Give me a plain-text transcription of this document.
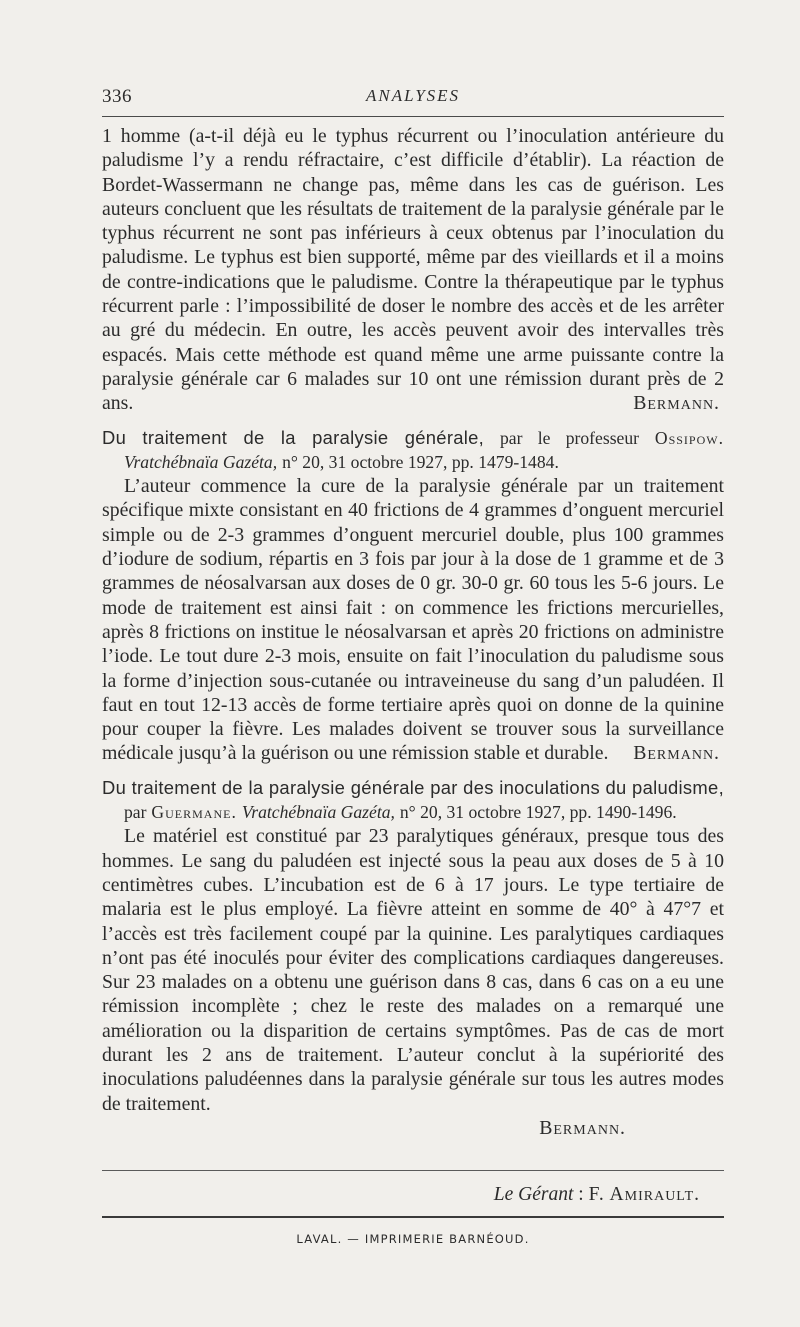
336	ANALYSES

1 homme (a-t-il déjà eu le typhus récurrent ou l’inoculation antérieure du paludisme l’y a rendu réfractaire, c’est difficile d’établir). La réaction de Bordet-Wassermann ne change pas, même dans les cas de guérison. Les auteurs concluent que les résultats de traitement de la paralysie générale par le typhus récurrent ne sont pas inférieurs à ceux obtenus par l’inoculation du paludisme. Le typhus est bien supporté, même par des vieillards et il a moins de contre-indications que le paludisme. Contre la thérapeutique par le typhus récurrent parle : l’impossibilité de doser le nombre des accès et de les arrêter au gré du médecin. En outre, les accès peuvent avoir des intervalles très espacés. Mais cette méthode est quand même une arme puissante contre la paralysie générale car 6 malades sur 10 ont une rémission durant près de 2 ans.	Bermann.

Du traitement de la paralysie générale, par le professeur Ossipow. Vratchébnaïa Gazéta, n° 20, 31 octobre 1927, pp. 1479-1484.

L’auteur commence la cure de la paralysie générale par un traitement spécifique mixte consistant en 40 frictions de 4 grammes d’onguent mercuriel simple ou de 2-3 grammes d’onguent mercuriel double, plus 100 grammes d’iodure de sodium, répartis en 3 fois par jour à la dose de 1 gramme et de 3 grammes de néosalvarsan aux doses de 0 gr. 30-0 gr. 60 tous les 5-6 jours. Le mode de traitement est ainsi fait : on commence les frictions mercurielles, après 8 frictions on institue le néosalvarsan et après 20 frictions on administre l’iode. Le tout dure 2-3 mois, ensuite on fait l’inoculation du paludisme sous la forme d’injection sous-cutanée ou intraveineuse du sang d’un paludéen. Il faut en tout 12-13 accès de forme tertiaire après quoi on donne de la quinine pour couper la fièvre. Les malades doivent se trouver sous la surveillance médicale jusqu’à la guérison ou une rémission stable et durable.	Bermann.

Du traitement de la paralysie générale par des inoculations du paludisme, par Guermane. Vratchébnaïa Gazéta, n° 20, 31 octobre 1927, pp. 1490-1496.

Le matériel est constitué par 23 paralytiques généraux, presque tous des hommes. Le sang du paludéen est injecté sous la peau aux doses de 5 à 10 centimètres cubes. L’incubation est de 6 à 17 jours. Le type tertiaire de malaria est le plus employé. La fièvre atteint en somme de 40° à 47°7 et l’accès est très facilement coupé par la quinine. Les paralytiques cardiaques n’ont pas été inoculés pour éviter des complications cardiaques dangereuses. Sur 23 malades on a obtenu une guérison dans 8 cas, dans 6 cas on a eu une rémission incomplète ; chez le reste des malades on a remarqué une amélioration ou la disparition de certains symptômes. Pas de cas de mort durant les 2 ans de traitement. L’auteur conclut à la supériorité des inoculations paludéennes dans la paralysie générale sur tous les autres modes de traitement.

Bermann.

Le Gérant : F. Amirault.
LAVAL. — IMPRIMERIE BARNÉOUD.
